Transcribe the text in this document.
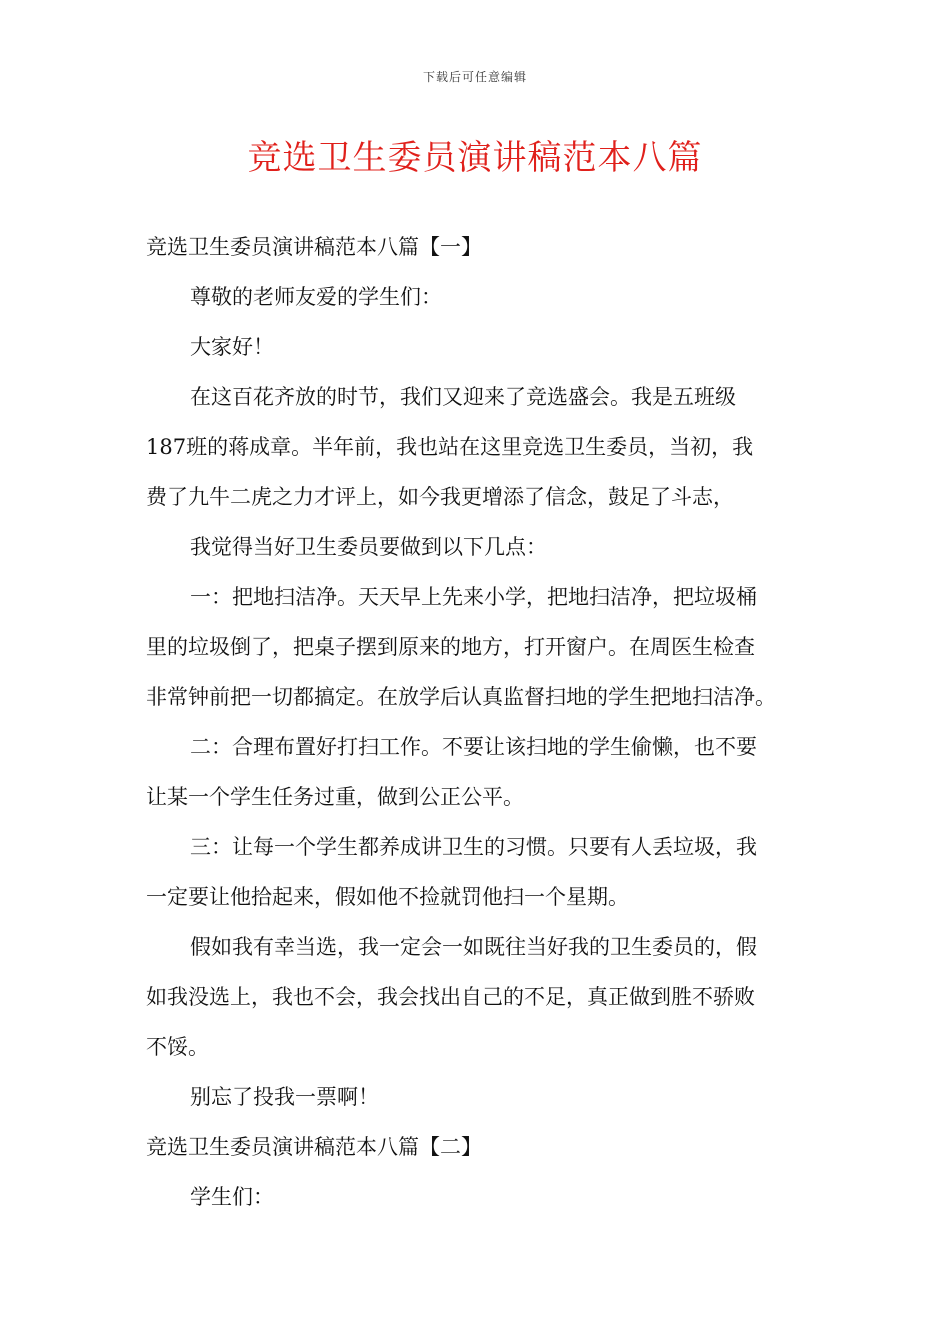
下载后可任意编辑
竞选卫生委员演讲稿范本八篇
竞选卫生委员演讲稿范本八篇【一】
尊敬的老师友爱的学生们：
大家好！
在这百花齐放的时节，我们又迎来了竞选盛会。我是五班级
187班的蒋成章。半年前，我也站在这里竞选卫生委员，当初，我
费了九牛二虎之力才评上，如今我更增添了信念，鼓足了斗志，
我觉得当好卫生委员要做到以下几点：
一：把地扫洁净。天天早上先来小学，把地扫洁净，把垃圾桶
里的垃圾倒了，把桌子摆到原来的地方，打开窗户。在周医生检查
非常钟前把一切都搞定。在放学后认真监督扫地的学生把地扫洁净。
二：合理布置好打扫工作。不要让该扫地的学生偷懒，也不要
让某一个学生任务过重，做到公正公平。
三：让每一个学生都养成讲卫生的习惯。只要有人丢垃圾，我
一定要让他拾起来，假如他不捡就罚他扫一个星期。
假如我有幸当选，我一定会一如既往当好我的卫生委员的，假
如我没选上，我也不会，我会找出自己的不足，真正做到胜不骄败
不馁。
别忘了投我一票啊！
竞选卫生委员演讲稿范本八篇【二】
学生们：
